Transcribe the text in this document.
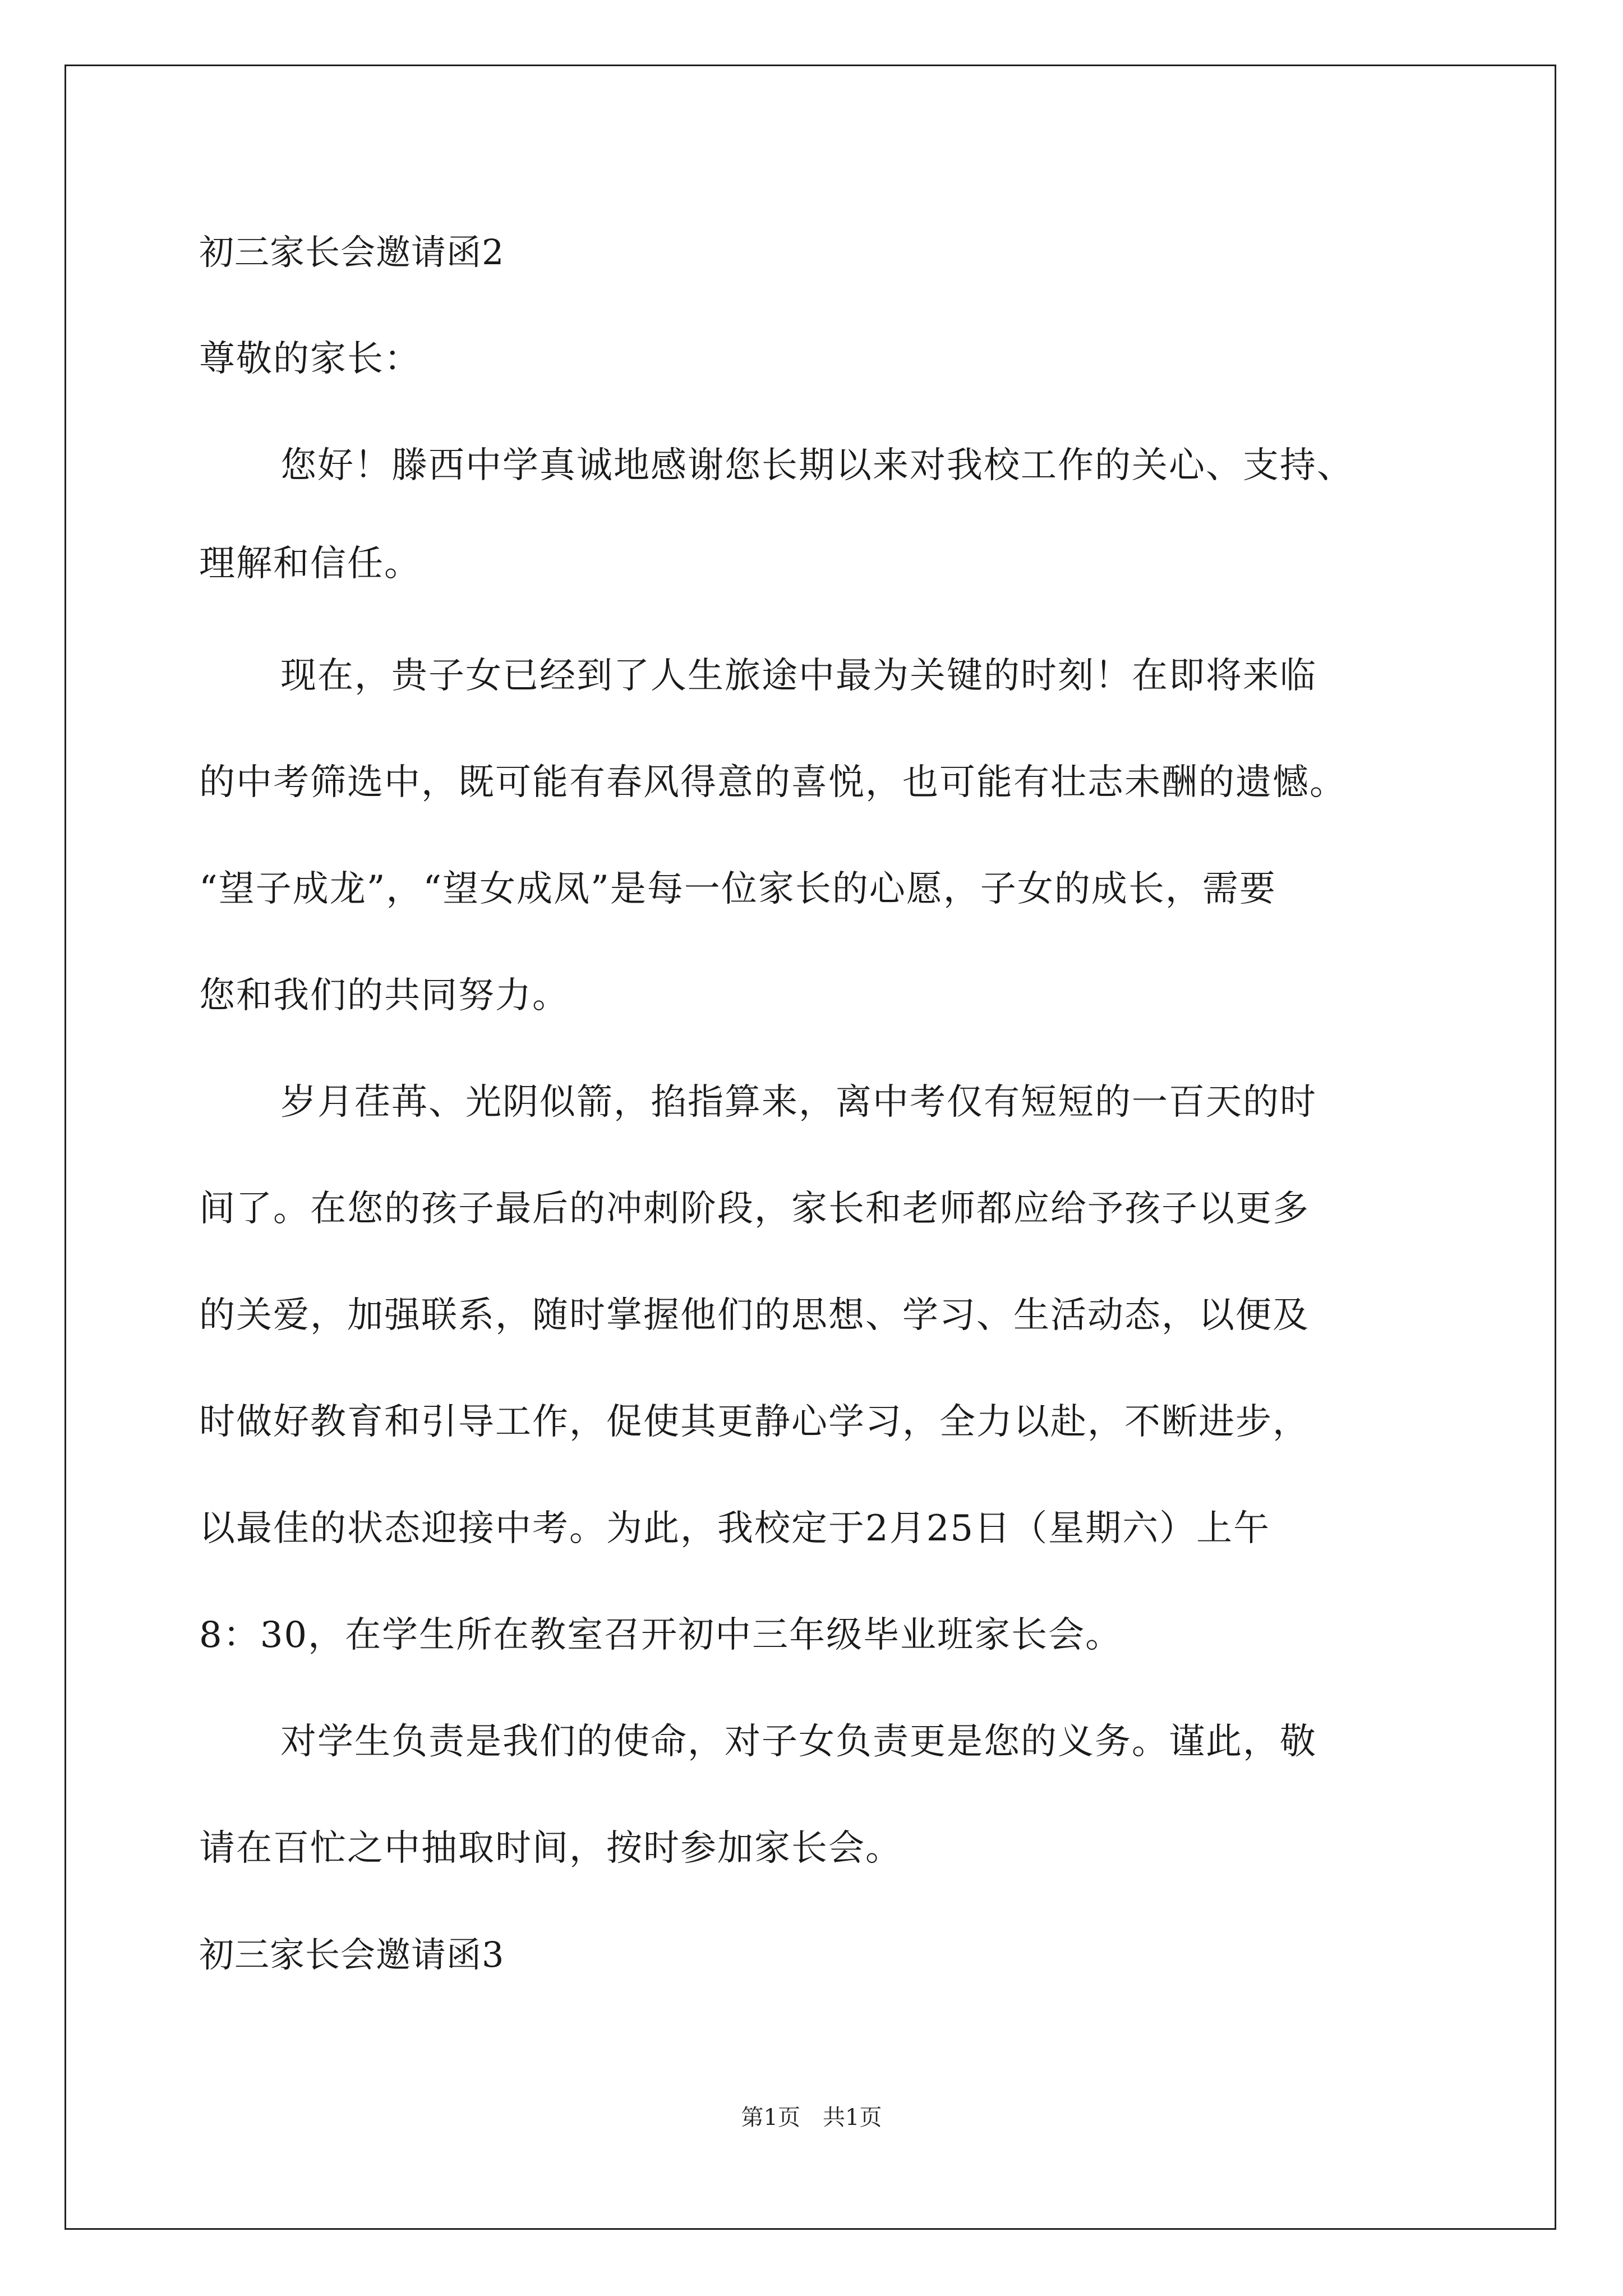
初三家长会邀请函2
尊敬的家长：
您好！滕西中学真诚地感谢您长期以来对我校工作的关心、支持、
理解和信任。
现在，贵子女已经到了人生旅途中最为关键的时刻！在即将来临
的中考筛选中，既可能有春风得意的喜悦，也可能有壮志未酬的遗憾。
“望子成龙”，“望女成凤”是每一位家长的心愿，子女的成长，需要
您和我们的共同努力。
岁月荏苒、光阴似箭，掐指算来，离中考仅有短短的一百天的时
间了。在您的孩子最后的冲刺阶段，家长和老师都应给予孩子以更多
的关爱，加强联系，随时掌握他们的思想、学习、生活动态，以便及
时做好教育和引导工作，促使其更静心学习，全力以赴，不断进步，
以最佳的状态迎接中考。为此，我校定于2月25日（星期六）上午
8：30，在学生所在教室召开初中三年级毕业班家长会。
对学生负责是我们的使命，对子女负责更是您的义务。谨此，敬
请在百忙之中抽取时间，按时参加家长会。
初三家长会邀请函3
第1页　共1页
